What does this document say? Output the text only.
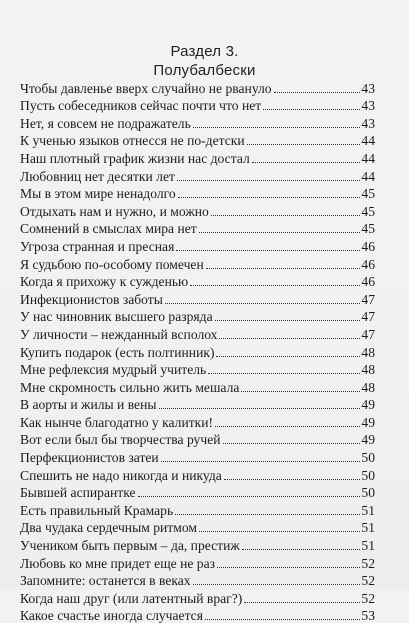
Раздел 3.
Полубалбески
Чтобы давленье вверх случайно не рвануло	43
Пусть собеседников сейчас почти что нет	43
Нет, я совсем не подражатель	43
К ученью языков отнесся не по-детски	44
Наш плотный график жизни нас достал	44
Любовниц нет десятки лет	44
Мы в этом мире ненадолго	45
Отдыхать нам и нужно, и можно	45
Сомнений в смыслах мира нет	45
Угроза странная и пресная	46
Я судьбою по-особому помечен	46
Когда я прихожу к сужденью	46
Инфекционистов заботы	47
У нас чиновник высшего разряда	47
У личности – нежданный всполох	47
Купить подарок (есть полтинник)	48
Мне рефлексия мудрый учитель	48
Мне скромность сильно жить мешала	48
В аорты и жилы и вены	49
Как нынче благодатно у калитки!	49
Вот если был бы творчества ручей	49
Перфекционистов затеи	50
Спешить не надо никогда и никуда	50
Бывшей аспирантке	50
Есть правильный Крамарь	51
Два чудака сердечным ритмом	51
Учеником быть первым – да, престиж	51
Любовь ко мне придет еще не раз	52
Запомните: останется в веках	52
Когда наш друг (или латентный враг?)	52
Какое счастье иногда случается	53
